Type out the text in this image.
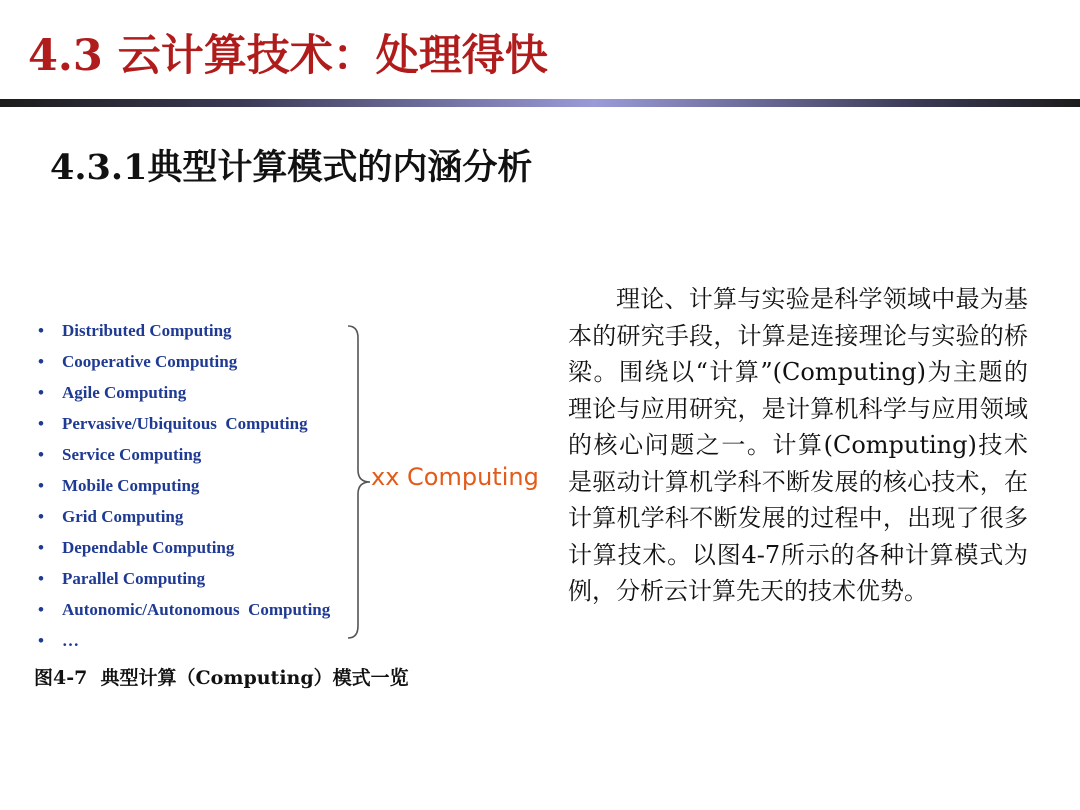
4.3 云计算技术：处理得快
4.3.1典型计算模式的内涵分析
• Distributed Computing
• Cooperative Computing
• Agile Computing
• Pervasive/Ubiquitous  Computing
• Service Computing
• Mobile Computing
• Grid Computing
• Dependable Computing
• Parallel Computing
• Autonomic/Autonomous  Computing
• …
xx Computing
图4-7  典型计算（Computing）模式一览

理论、计算与实验是科学领域中最为基本的研究手段，计算是连接理论与实验的桥梁。围绕以“计算”(Computing)为主题的理论与应用研究，是计算机科学与应用领域的核心问题之一。计算(Computing)技术是驱动计算机学科不断发展的核心技术，在计算机学科不断发展的过程中，出现了很多计算技术。以图4-7所示的各种计算模式为例，分析云计算先天的技术优势。
